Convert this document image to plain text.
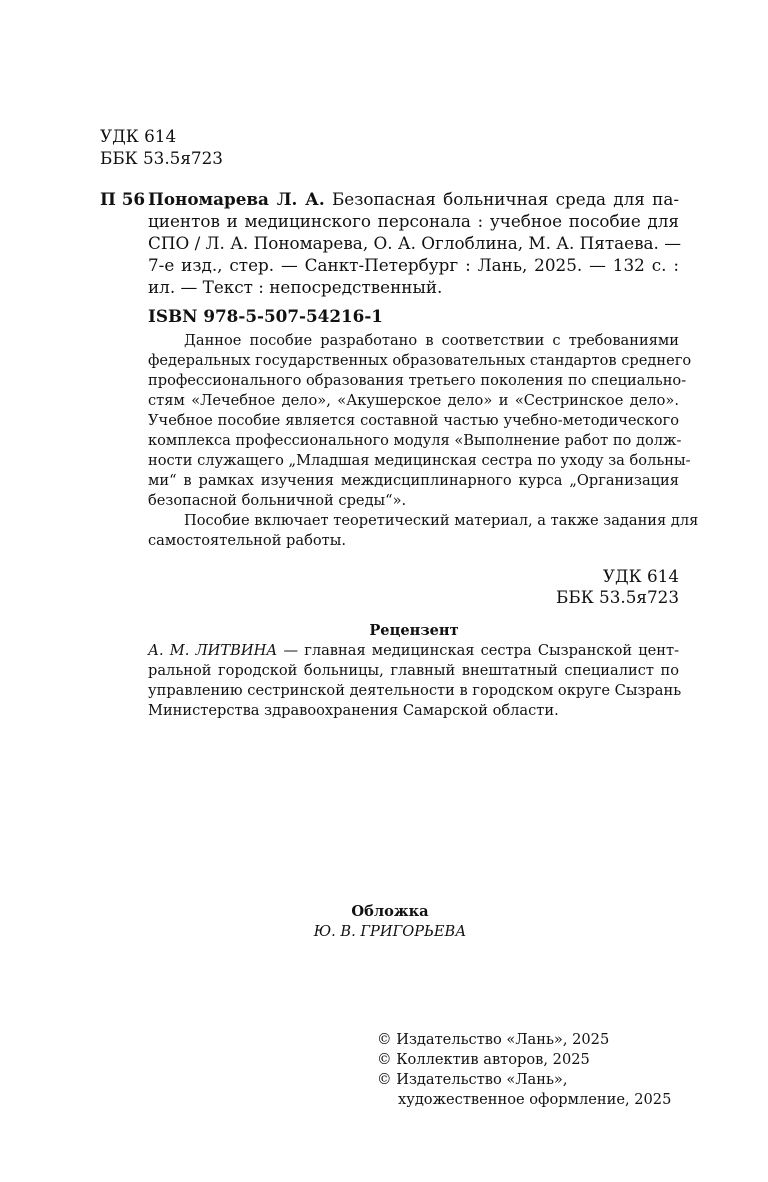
УДК 614
ББК 53.5я723
П 56 Пономарева Л. А. Безопасная больничная среда для па-
циентов и медицинского персонала : учебное пособие для
СПО / Л. А. Пономарева, О. А. Оглоблина, М. А. Пятаева. —
7-е изд., стер. — Санкт-Петербург : Лань, 2025. — 132 с. :
ил. — Текст : непосредственный.
ISBN 978-5-507-54216-1
Данное пособие разработано в соответствии с требованиями
федеральных государственных образовательных стандартов среднего
профессионального образования третьего поколения по специально-
стям «Лечебное дело», «Акушерское дело» и «Сестринское дело».
Учебное пособие является составной частью учебно-методического
комплекса профессионального модуля «Выполнение работ по долж-
ности служащего „Младшая медицинская сестра по уходу за больны-
ми“ в рамках изучения междисциплинарного курса „Организация
безопасной больничной среды“».
Пособие включает теоретический материал, а также задания для
самостоятельной работы.
УДК 614
ББК 53.5я723
Рецензент
А. М. ЛИТВИНА — главная медицинская сестра Сызранской цент-
ральной городской больницы, главный внештатный специалист по
управлению сестринской деятельности в городском округе Сызрань
Министерства здравоохранения Самарской области.
Обложка
Ю. В. ГРИГОРЬЕВА
© Издательство «Лань», 2025
© Коллектив авторов, 2025
© Издательство «Лань»,
художественное оформление, 2025
